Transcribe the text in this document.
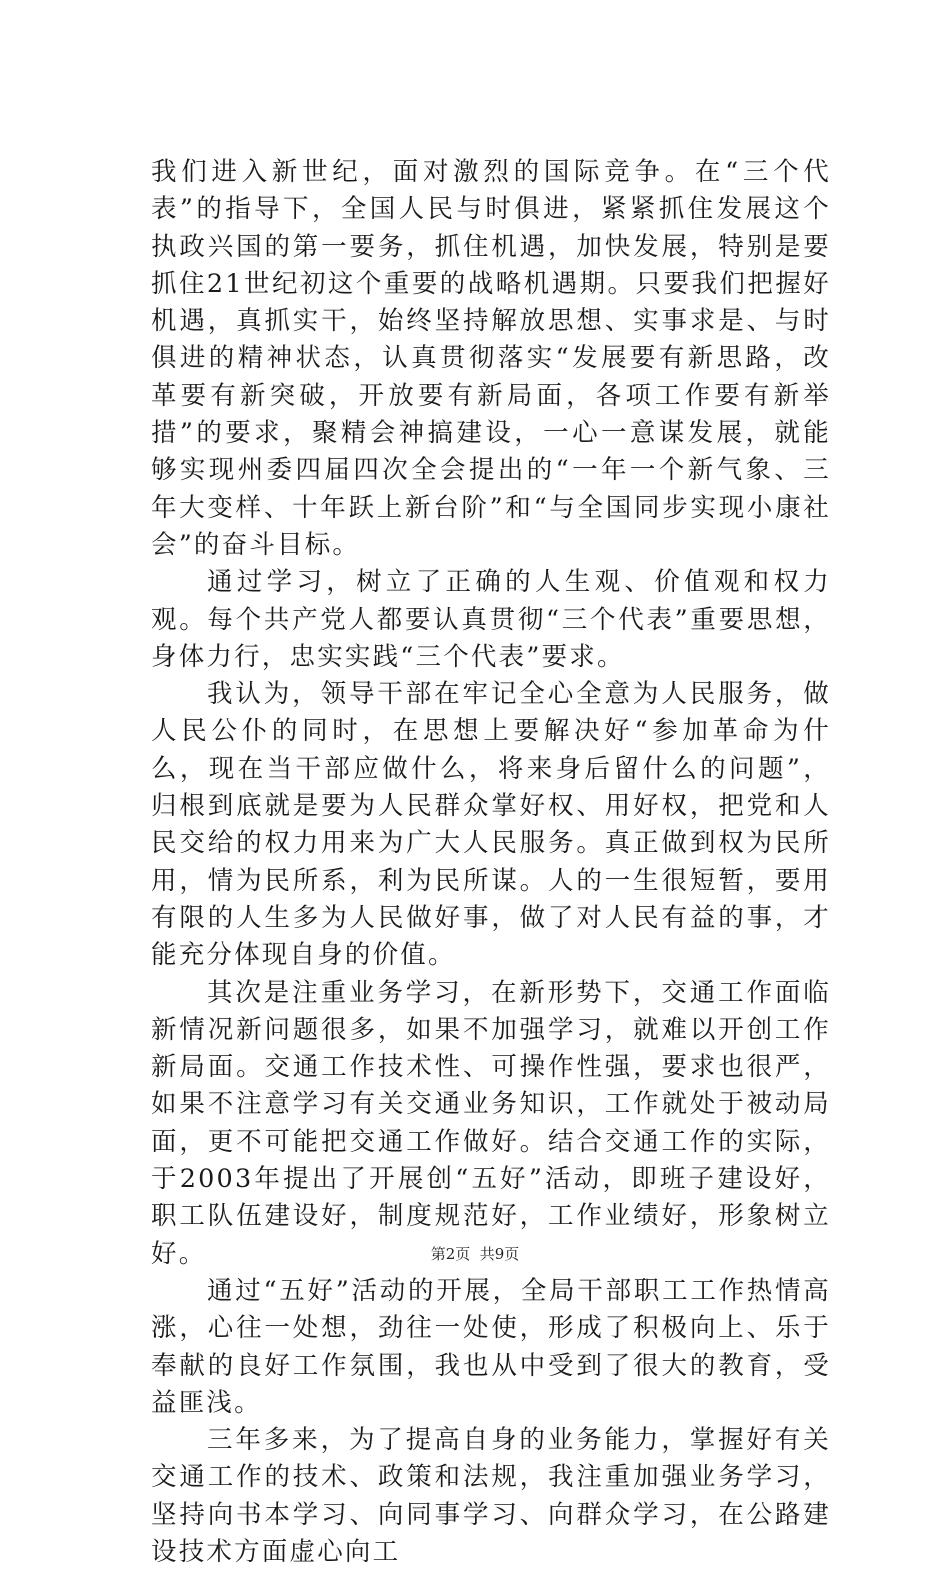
我们进入新世纪，面对激烈的国际竞争。在“三个代表”的指导下，全国人民与时俱进，紧紧抓住发展这个执政兴国的第一要务，抓住机遇，加快发展，特别是要抓住21世纪初这个重要的战略机遇期。只要我们把握好机遇，真抓实干，始终坚持解放思想、实事求是、与时俱进的精神状态，认真贯彻落实“发展要有新思路，改革要有新突破，开放要有新局面，各项工作要有新举措”的要求，聚精会神搞建设，一心一意谋发展，就能够实现州委四届四次全会提出的“一年一个新气象、三年大变样、十年跃上新台阶”和“与全国同步实现小康社会”的奋斗目标。

通过学习，树立了正确的人生观、价值观和权力观。每个共产党人都要认真贯彻“三个代表”重要思想，身体力行，忠实实践“三个代表”要求。

我认为，领导干部在牢记全心全意为人民服务，做人民公仆的同时，在思想上要解决好“参加革命为什么，现在当干部应做什么，将来身后留什么的问题”，归根到底就是要为人民群众掌好权、用好权，把党和人民交给的权力用来为广大人民服务。真正做到权为民所用，情为民所系，利为民所谋。人的一生很短暂，要用有限的人生多为人民做好事，做了对人民有益的事，才能充分体现自身的价值。

其次是注重业务学习，在新形势下，交通工作面临新情况新问题很多，如果不加强学习，就难以开创工作新局面。交通工作技术性、可操作性强，要求也很严，如果不注意学习有关交通业务知识，工作就处于被动局面，更不可能把交通工作做好。结合交通工作的实际，于2003年提出了开展创“五好”活动，即班子建设好，职工队伍建设好，制度规范好，工作业绩好，形象树立好。

通过“五好”活动的开展，全局干部职工工作热情高涨，心往一处想，劲往一处使，形成了积极向上、乐于奉献的良好工作氛围，我也从中受到了很大的教育，受益匪浅。

三年多来，为了提高自身的业务能力，掌握好有关交通工作的技术、政策和法规，我注重加强业务学习，坚持向书本学习、向同事学习、向群众学习，在公路建设技术方面虚心向工

第2页  共9页
